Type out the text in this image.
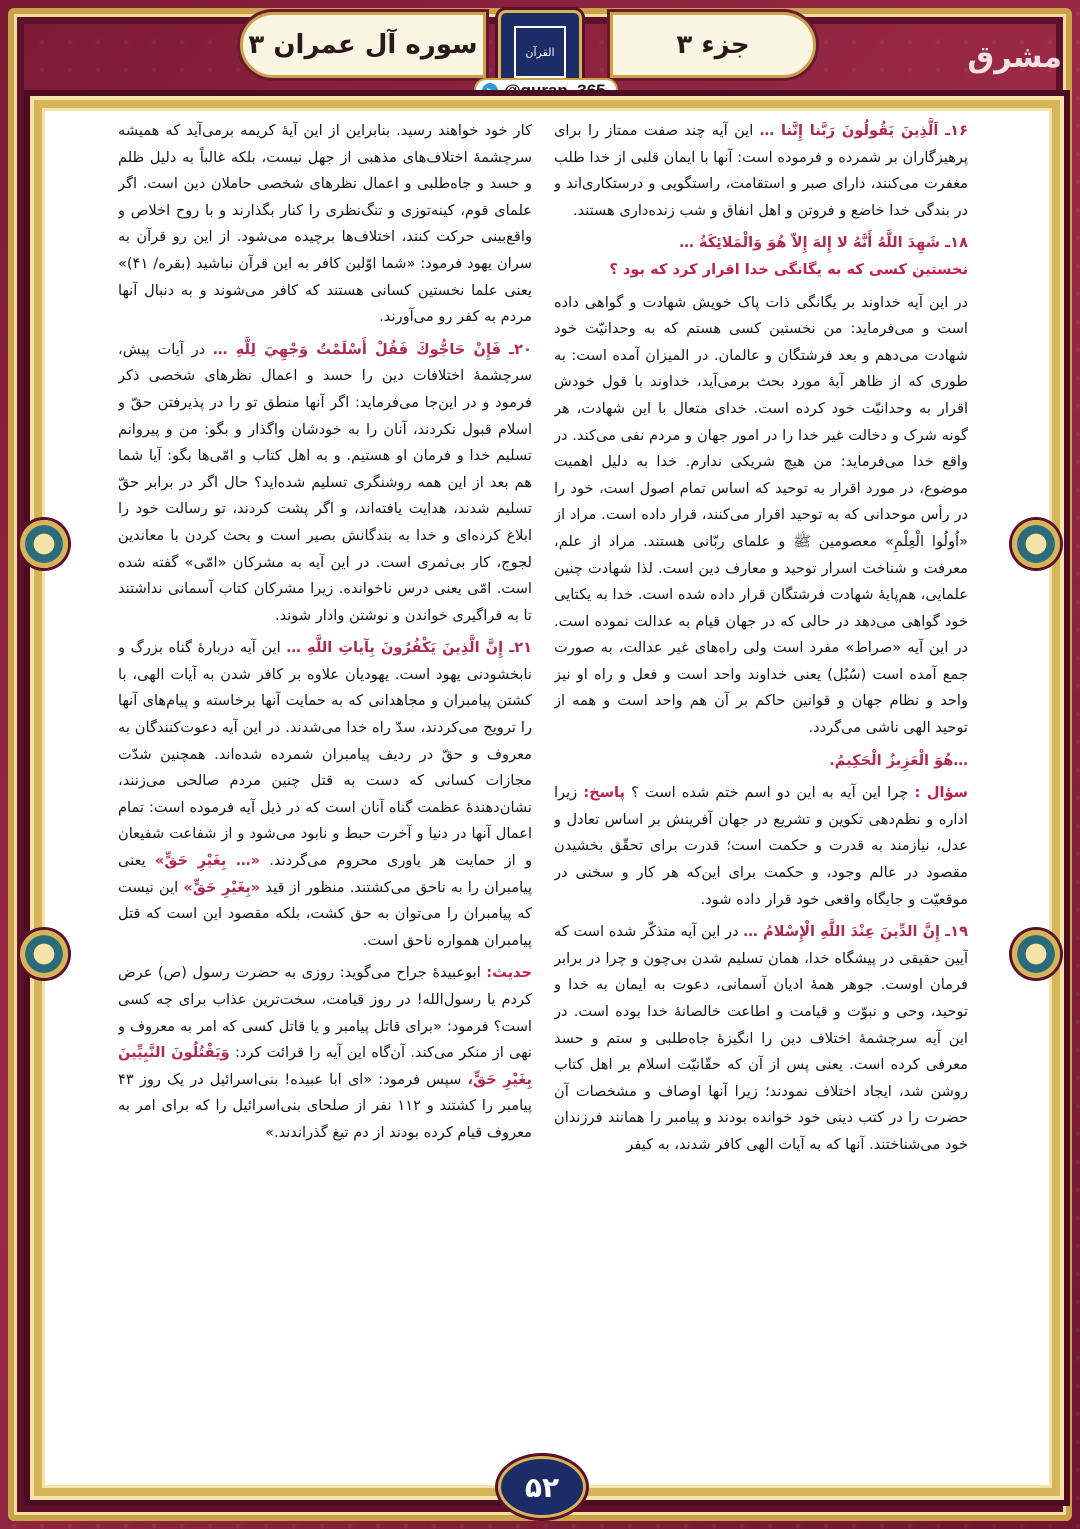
مشرق
جزء ۳
سوره آل عمران ۳	القرآن
➤ @quran_365

۱۶ـ اَلَّذِينَ يَقُولُونَ رَبَّنا إِنَّنا … این آیه چند صفت ممتاز را برای پرهیزگاران بر شمرده و فرموده است: آنها با ایمان قلبی از خدا طلب مغفرت می‌کنند، دارای صبر و استقامت، راستگویی و درستکاری‌اند و در بندگی خدا خاضع و فروتن و اهل انفاق و شب زنده‌داری هستند.

۱۸ـ شَهِدَ اللَّهُ أَنَّهُ لا إِلهَ إِلاّ هُوَ وَالْمَلائِكَةُ …
نخستین کسی که به یگانگی خدا اقرار کرد که بود ؟

در این آیه خداوند بر یگانگی ذات پاک خویش شهادت و گواهی داده است و می‌فرماید: من نخستین کسی هستم که به وحدانیّت خود شهادت می‌دهم و بعد فرشتگان و عالمان. در المیزان آمده است: به طوری که از ظاهر آیهٔ مورد بحث برمی‌آید، خداوند با قول خودش اقرار به وحدانیّت خود کرده است. خدای متعال با این شهادت، هر گونه شرک و دخالت غیر خدا را در امور جهان و مردم نفی می‌کند. در واقع خدا می‌فرماید: من هیچ شریکی ندارم. خدا به دلیل اهمیت موضوع، در مورد اقرار به توحید که اساس تمام اصول است، خود را در رأس موحدانی که به توحید اقرار می‌کنند، قرار داده است. مراد از «اُولُوا الْعِلْمِ» معصومین ﷺ و علمای ربّانی هستند. مراد از علم، معرفت و شناخت اسرار توحید و معارف دین است. لذا شهادت چنین علمایی، هم‌پایهٔ شهادت فرشتگان قرار داده شده است. خدا به یکتایی خود گواهی می‌دهد در حالی که در جهان قیام به عدالت نموده است. در این آیه «صراط» مفرد است ولی راه‌های غیر عدالت، به صورت جمع آمده است (سُبُل) یعنی خداوند واحد است و فعل و راه او نیز واحد و نظام جهان و قوانین حاکم بر آن هم واحد است و همه از توحید الهی ناشی می‌گردد.

…هُوَ الْعَزِيزُ الْحَكِيمُ.

سؤال : چرا این آیه به این دو اسم ختم شده است ؟ پاسخ: زیرا اداره و نظم‌دهی تکوین و تشریع در جهان آفرینش بر اساس تعادل و عدل، نیازمند به قدرت و حکمت است؛ قدرت برای تحقّق بخشیدن مقصود در عالم وجود، و حکمت برای این‌که هر کار و سخنی در موقعیّت و جایگاه واقعی خود قرار داده شود.

۱۹ـ إِنَّ الدِّينَ عِنْدَ اللَّهِ الْإِسْلامُ … در این آیه متذکّر شده است که آیین حقیقی در پیشگاه خدا، همان تسلیم شدن بی‌چون و چرا در برابر فرمان اوست. جوهر همهٔ ادیان آسمانی، دعوت به ایمان به خدا و توحید، وحی و نبوّت و قیامت و اطاعت خالصانهٔ خدا بوده است. در این آیه سرچشمهٔ اختلاف دین را انگیزهٔ جاه‌طلبی و ستم و حسد معرفی کرده است. یعنی پس از آن که حقّانیّت اسلام بر اهل کتاب روشن شد، ایجاد اختلاف نمودند؛ زیرا آنها اوصاف و مشخصات آن حضرت را در کتب دینی خود خوانده بودند و پیامبر را همانند فرزندان خود می‌شناختند. آنها که به آیات الهی کافر شدند، به کیفر

کار خود خواهند رسید. بنابراین از این آیهٔ کریمه برمی‌آید که همیشه سرچشمهٔ اختلاف‌های مذهبی از جهل نیست، بلکه غالباً به دلیل ظلم و حسد و جاه‌طلبی و اعمال نظرهای شخصی حاملان دین است. اگر علمای قوم، کینه‌توزی و تنگ‌نظری را کنار بگذارند و با روح اخلاص و واقع‌بینی حرکت کنند، اختلاف‌ها برچیده می‌شود. از این رو قرآن به سران یهود فرمود: «شما اوّلین کافر به این قرآن نباشید (بقره/ ۴۱)» یعنی علما نخستین کسانی هستند که کافر می‌شوند و به دنبال آنها مردم به کفر رو می‌آورند.

۲۰ـ فَإِنْ حَاجُّوكَ فَقُلْ أَسْلَمْتُ وَجْهِيَ لِلَّهِ … در آیات پیش، سرچشمهٔ اختلافات دین را حسد و اعمال نظرهای شخصی ذکر فرمود و در این‌جا می‌فرماید: اگر آنها منطق تو را در پذیرفتن حقّ و اسلام قبول نکردند، آنان را به خودشان واگذار و بگو: من و پیروانم تسلیم خدا و فرمان او هستیم. و به اهل کتاب و امّی‌ها بگو: آیا شما هم بعد از این همه روشنگری تسلیم شده‌اید؟ حال اگر در برابر حقّ تسلیم شدند، هدایت یافته‌اند، و اگر پشت کردند، تو رسالت خود را ابلاغ کرده‌ای و خدا به بندگانش بصیر است و بحث کردن با معاندین لجوج، کار بی‌ثمری است. در این آیه به مشرکان «امّی» گفته شده است. امّی یعنی درس ناخوانده. زیرا مشرکان کتاب آسمانی نداشتند تا به فراگیری خواندن و نوشتن وادار شوند.

۲۱ـ إِنَّ الَّذِينَ يَكْفُرُونَ بِآياتِ اللَّهِ … این آیه دربارهٔ گناه بزرگ و نابخشودنی یهود است. یهودیان علاوه بر کافر شدن به آیات الهی، با کشتن پیامبران و مجاهدانی که به حمایت آنها برخاسته و پیام‌های آنها را ترویج می‌کردند، سدّ راه خدا می‌شدند. در این آیه دعوت‌کنندگان به معروف و حقّ در ردیف پیامبران شمرده شده‌اند. همچنین شدّت مجازات کسانی که دست به قتل چنین مردم صالحی می‌زنند، نشان‌دهندهٔ عظمت گناه آنان است که در ذیل آیه فرموده است: تمام اعمال آنها در دنیا و آخرت حبط و نابود می‌شود و از شفاعت شفیعان و از حمایت هر یاوری محروم می‌گردند. «… بِغَيْرِ حَقٍّ» یعنی پیامبران را به ناحق می‌کشتند. منظور از قید «بِغَيْرِ حَقٍّ» این نیست که پیامبران را می‌توان به حق کشت، بلکه مقصود این است که قتل پیامبران همواره ناحق است.

حدیث: ابوعبیدهٔ جراح می‌گوید: روزی به حضرت رسول (ص) عرض کردم یا رسول‌الله! در روز قیامت، سخت‌ترین عذاب برای چه کسی است؟ فرمود: «برای قاتل پیامبر و یا قاتل کسی که امر به معروف و نهی از منکر می‌کند. آن‌گاه این آیه را قرائت کرد: وَيَقْتُلُونَ النَّبِيِّينَ بِغَيْرِ حَقٍّ، سپس فرمود: «ای ابا عبیده! بنی‌اسرائیل در یک روز ۴۳ پیامبر را کشتند و ۱۱۲ نفر از صلحای بنی‌اسرائیل را که برای امر به معروف قیام کرده بودند از دم تیغ گذراندند.»

۵۲
